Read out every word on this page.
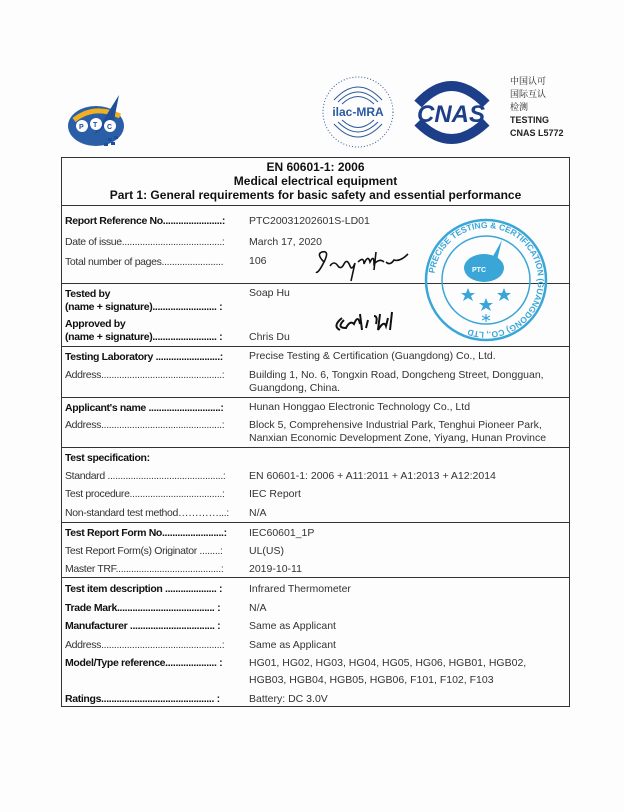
P T C
ilac-MRA CNAS
中国认可
国际互认
检测
TESTING
CNAS L5772
EN 60601-1: 2006
Medical electrical equipment
Part 1: General requirements for basic safety and essential performance
Report Reference No.......................: PTC20031202601S-LD01
Date of issue.......................................: March 17, 2020
Total number of pages........................ 106
Tested by
(name + signature)......................... :
Soap Hu
Approved by
(name + signature)......................... :	Chris Du
Testing Laboratory .........................: Precise Testing & Certification (Guangdong) Co., Ltd.
Address...............................................: Building 1, No. 6, Tongxin Road, Dongcheng Street, Dongguan,
Guangdong, China.
Applicant's name ............................: Hunan Honggao Electronic Technology Co., Ltd
Address...............................................: Block 5, Comprehensive Industrial Park, Tenghui Pioneer Park,
Nanxian Economic Development Zone, Yiyang, Hunan Province
Test specification:
Standard .............................................: EN 60601-1: 2006 + A11:2011 + A1:2013 + A12:2014
Test procedure....................................: IEC Report
Non-standard test method…………...: N/A
Test Report Form No........................: IEC60601_1P
Test Report Form(s) Originator ........:	UL(US)
Master TRF.........................................: 2019-10-11
Test item description .................... :	Infrared Thermometer
Trade Mark...................................... :	N/A
Manufacturer ................................. :	Same as Applicant
Address...............................................: Same as Applicant
Model/Type reference.................... :	HG01, HG02, HG03, HG04, HG05, HG06, HGB01, HGB02,
HGB03, HGB04, HGB05, HGB06, F101, F102, F103
Ratings............................................ :	Battery: DC 3.0V
PRECISE TESTING & CERTIFICATION (GUANGDONG) CO., LTD
PTC
